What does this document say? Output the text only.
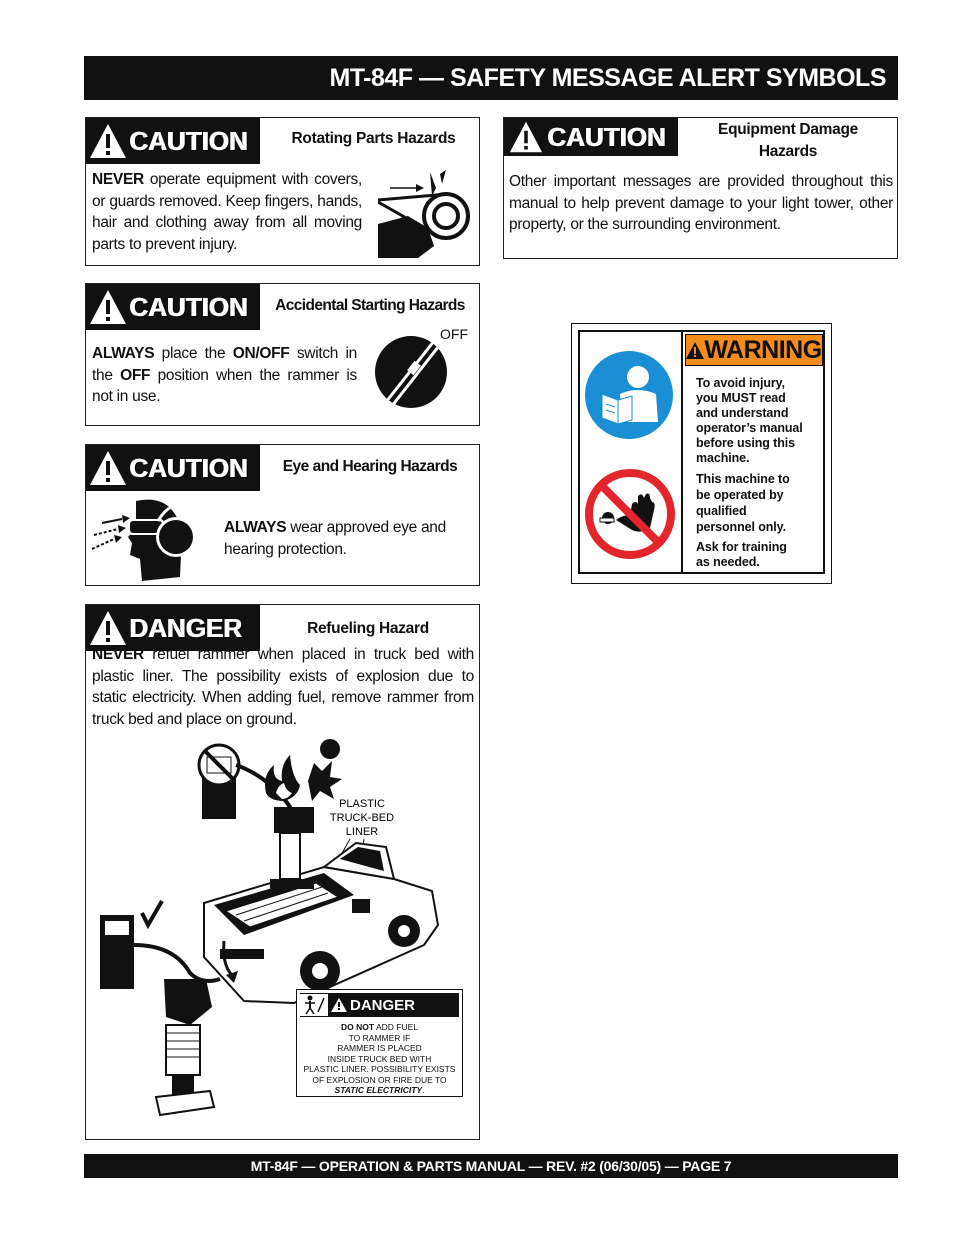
MT-84F — SAFETY MESSAGE ALERT SYMBOLS
CAUTION	Rotating Parts Hazards
NEVER operate equipment with covers, or guards removed. Keep fingers, hands, hair and clothing away from all moving parts to prevent injury.
CAUTION	Accidental Starting Hazards
ALWAYS place the ON/OFF switch in the OFF position when the rammer is not in use.
OFF
CAUTION	Eye and Hearing Hazards
ALWAYS wear approved eye and hearing protection.
DANGER	Refueling Hazard
NEVER refuel rammer when placed in truck bed with plastic liner. The possibility exists of explosion due to static electricity. When adding fuel, remove rammer from truck bed and place on ground.
PLASTIC
TRUCK-BED
LINER
DANGER
DO NOT ADD FUEL
TO RAMMER IF
RAMMER IS PLACED
INSIDE TRUCK BED WITH
PLASTIC LINER. POSSIBILITY EXISTS
OF EXPLOSION OR FIRE DUE TO
STATIC ELECTRICITY.
CAUTION	Equipment Damage
Hazards
Other important messages are provided throughout this manual to help prevent damage to your light tower, other property, or the surrounding environment.
WARNING
To avoid injury,
you MUST read
and understand
operator’s manual
before using this
machine.
This machine to
be operated by
qualified
personnel only.
Ask for training
as needed.
MT-84F — OPERATION & PARTS MANUAL — REV. #2 (06/30/05) — PAGE 7
